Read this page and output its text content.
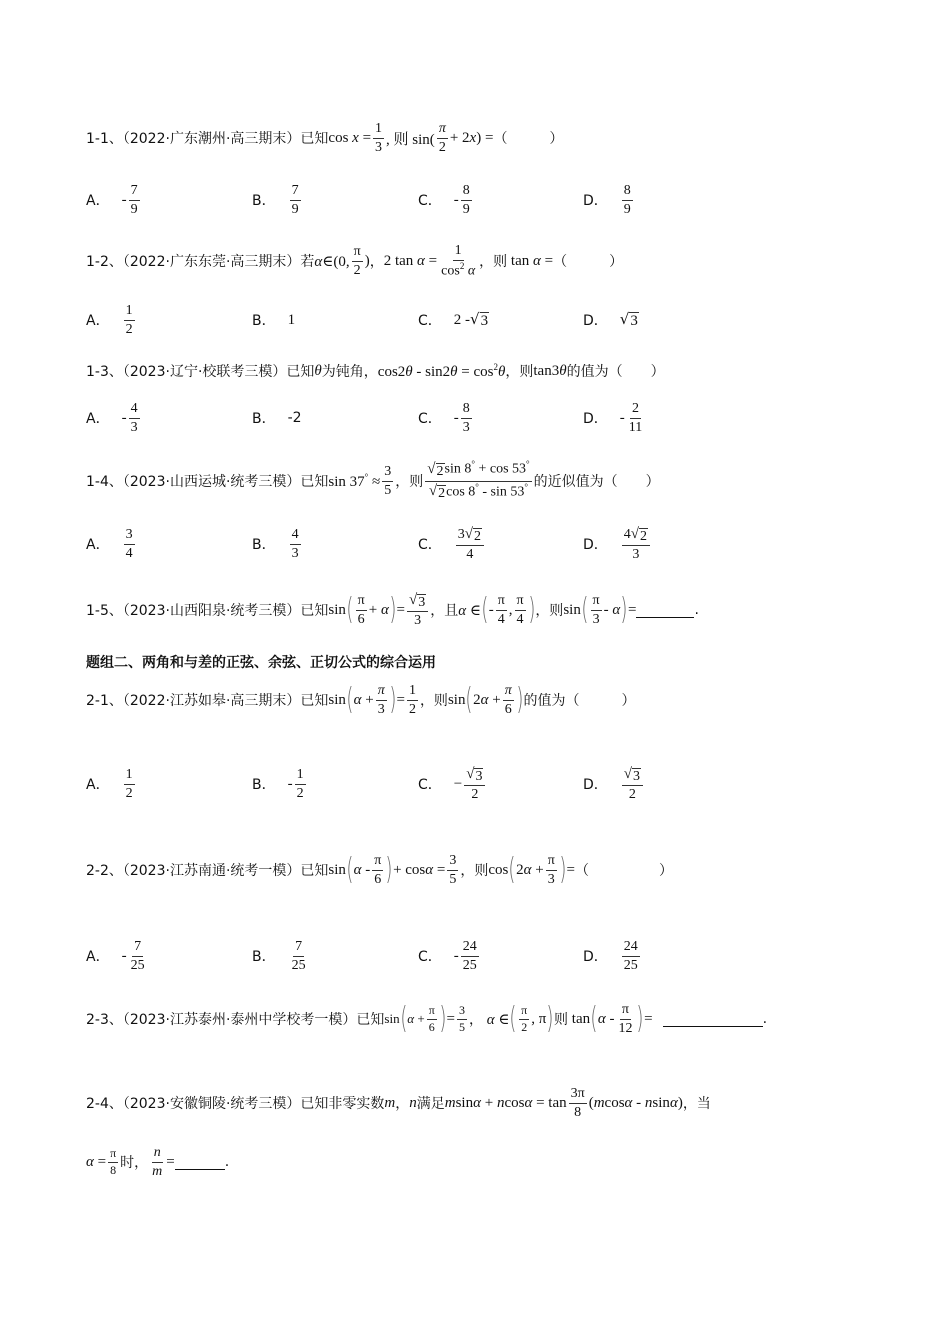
1-1、（2022·广东潮州·高三期末）已知 $\cos x = \frac{1}{3}$ , 则 $\sin( \frac{\pi}{2} + 2x)$ = （　　　）
A． - $\frac{7}{9}$	B． $\frac{7}{9}$	C． - $\frac{8}{9}$	D． $\frac{8}{9}$
1-2、（2022·广东东莞·高三期末）若 α∈(0, $\frac{\pi}{2}$ ) ， 2 $\tan \alpha = \frac{1}{\cos^2 \alpha}$ ，则 tan α = （　　　）
A． $\frac{1}{2}$	B． 1	C． 2 - √ 3	D． √ 3
1-3、（2023·辽宁·校联考三模）已知 θ 为钝角， $\cos 2\theta - \sin 2\theta = \cos^2\theta$ ，则 tan3θ 的值为（　　）
A． - $\frac{4}{3}$	B． -2	C． - $\frac{8}{3}$	D． - $\frac{2}{11}$
1-4、（2023·山西运城·统考三模）已知 $\sin 37^\circ \approx \frac{3}{5}$ ，则 $\frac{√ 2 \sin 8^\circ + \cos 53^\circ}{√ 2 \cos 8^\circ - \sin 53^\circ}$ 的近似值为（　　）
A． $\frac{3}{4}$	B． $\frac{4}{3}$	C． $\frac{3 √ 2}{4}$	D． $\frac{4 √ 2}{3}$
1-5、（2023·山西阳泉·统考三模）已知 sin ( $\frac{\pi}{6} + \alpha$ ) = $\frac{√ 3}{3}$ ，且 α ∈ ( - $\frac{\pi}{4}$ , $\frac{\pi}{4}$ ) ，则 sin ( $\frac{\pi}{3}$ - α ) =	.
题组二、两角和与差的正弦、余弦、正切公式的综合运用
2-1、（2022·江苏如皋·高三期末）已知 sin ( $\alpha + \frac{\pi}{3}$ ) = $\frac{1}{2}$ ，则 sin ( $2\alpha + \frac{\pi}{6}$ ) 的值为（　　　）
A． $\frac{1}{2}$	B． - $\frac{1}{2}$	C． − $\frac{√ 3}{2}$	D． $\frac{√ 3}{2}$
2-2、（2023·江苏南通·统考一模）已知 sin ( α - $\frac{\pi}{6}$ ) + $\cos\alpha = \frac{3}{5}$ ，则 cos ( $2\alpha + \frac{\pi}{3}$ ) = （　　　　　）
A． - $\frac{7}{25}$	B． $\frac{7}{25}$	C． - $\frac{24}{25}$	D． $\frac{24}{25}$
2-3、（2023·江苏泰州·泰州中学校考一模）已知 sin ( $\alpha + \frac{\pi}{6}$ ) = $\frac{3}{5}$ ， α ∈ ( $\frac{\pi}{2}$ , π ) 则 tan ( α - $\frac{\pi}{12}$ ) =	.
2-4、（2023·安徽铜陵·统考三模）已知非零实数 m ， n 满足 $msin\alpha + ncos\alpha = \tan \frac{3\pi}{8} (mcos\alpha - nsin\alpha)$ ，当
$\alpha = \frac{\pi}{8}$ 时， $\frac{n}{m}$ =	.
